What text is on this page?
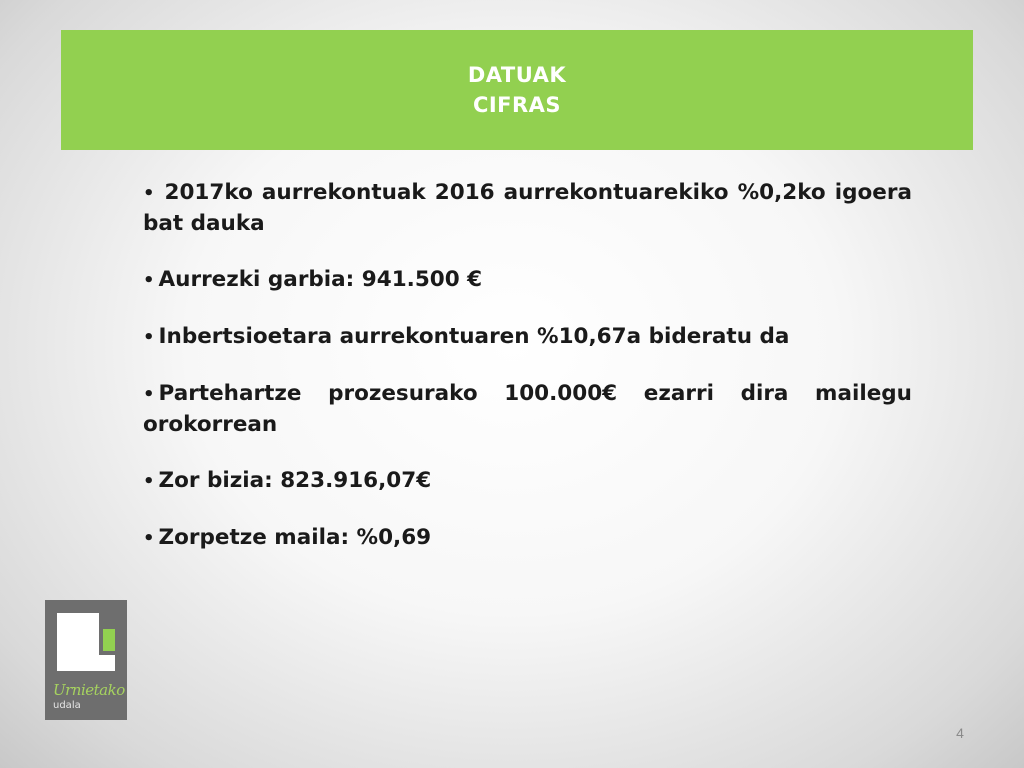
DATUAK
CIFRAS
• 2017ko aurrekontuak 2016 aurrekontuarekiko %0,2ko igoera bat dauka
• Aurrezki garbia: 941.500 €
• Inbertsioetara aurrekontuaren %10,67a bideratu da
• Partehartze prozesurako 100.000€ ezarri dira mailegu orokorrean
• Zor bizia: 823.916,07€
• Zorpetze maila: %0,69
Urnietako
udala
4
